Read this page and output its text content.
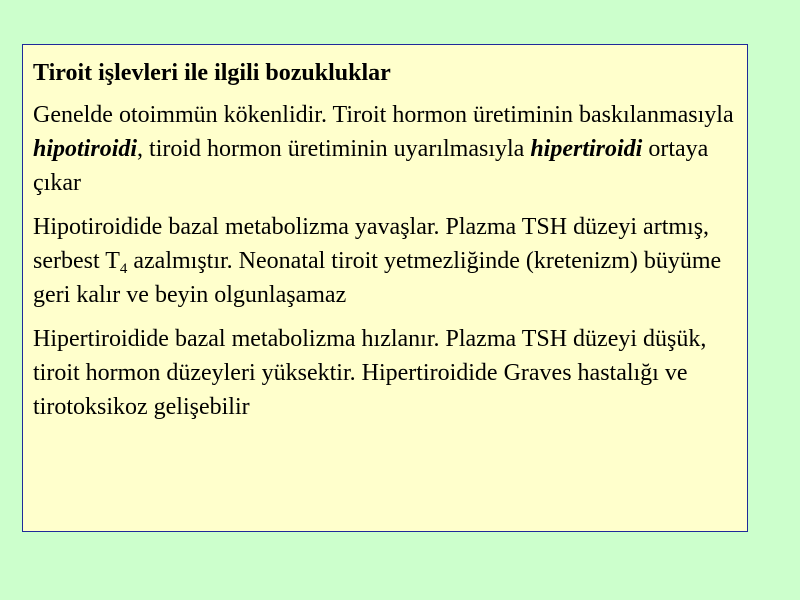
Tiroit işlevleri ile ilgili bozukluklar
Genelde otoimmün kökenlidir. Tiroit hormon üretiminin baskılanmasıyla hipotiroidi, tiroid hormon üretiminin uyarılmasıyla hipertiroidi ortaya çıkar
Hipotiroidide bazal metabolizma yavaşlar. Plazma TSH düzeyi artmış, serbest $T_4$ azalmıştır. Neonatal tiroit yetmezliğinde (kretenizm) büyüme geri kalır ve beyin olgunlaşamaz
Hipertiroidide bazal metabolizma hızlanır. Plazma TSH düzeyi düşük, tiroit hormon düzeyleri yüksektir. Hipertiroidide Graves hastalığı ve tirotoksikoz gelişebilir
